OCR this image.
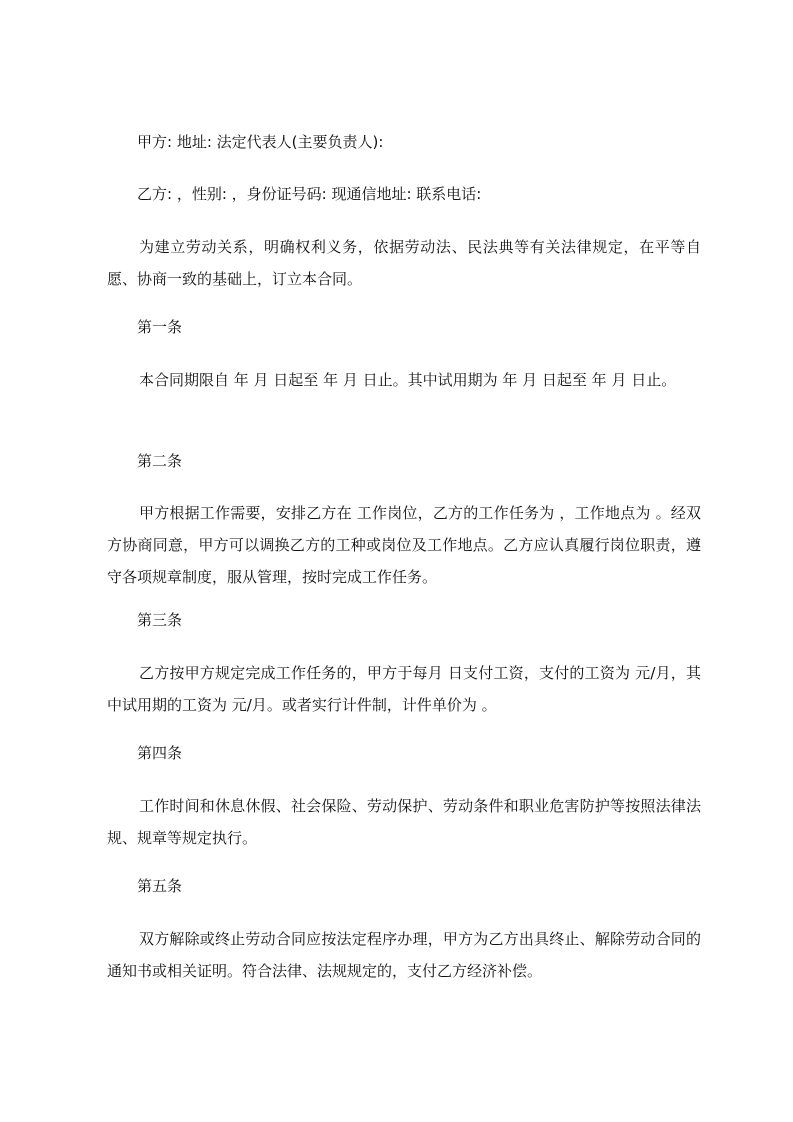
甲方: 地址: 法定代表人(主要负责人):
乙方: ，性别: ，身份证号码: 现通信地址: 联系电话:
为建立劳动关系，明确权利义务，依据劳动法、民法典等有关法律规定，在平等自愿、协商一致的基础上，订立本合同。
第一条
本合同期限自 年 月 日起至 年 月 日止。其中试用期为 年 月 日起至 年 月 日止。
第二条
甲方根据工作需要，安排乙方在 工作岗位，乙方的工作任务为 ，工作地点为 。经双方协商同意，甲方可以调换乙方的工种或岗位及工作地点。乙方应认真履行岗位职责，遵守各项规章制度，服从管理，按时完成工作任务。
第三条
乙方按甲方规定完成工作任务的，甲方于每月 日支付工资，支付的工资为 元/月，其中试用期的工资为 元/月。或者实行计件制，计件单价为 。
第四条
工作时间和休息休假、社会保险、劳动保护、劳动条件和职业危害防护等按照法律法规、规章等规定执行。
第五条
双方解除或终止劳动合同应按法定程序办理，甲方为乙方出具终止、解除劳动合同的通知书或相关证明。符合法律、法规规定的，支付乙方经济补偿。
